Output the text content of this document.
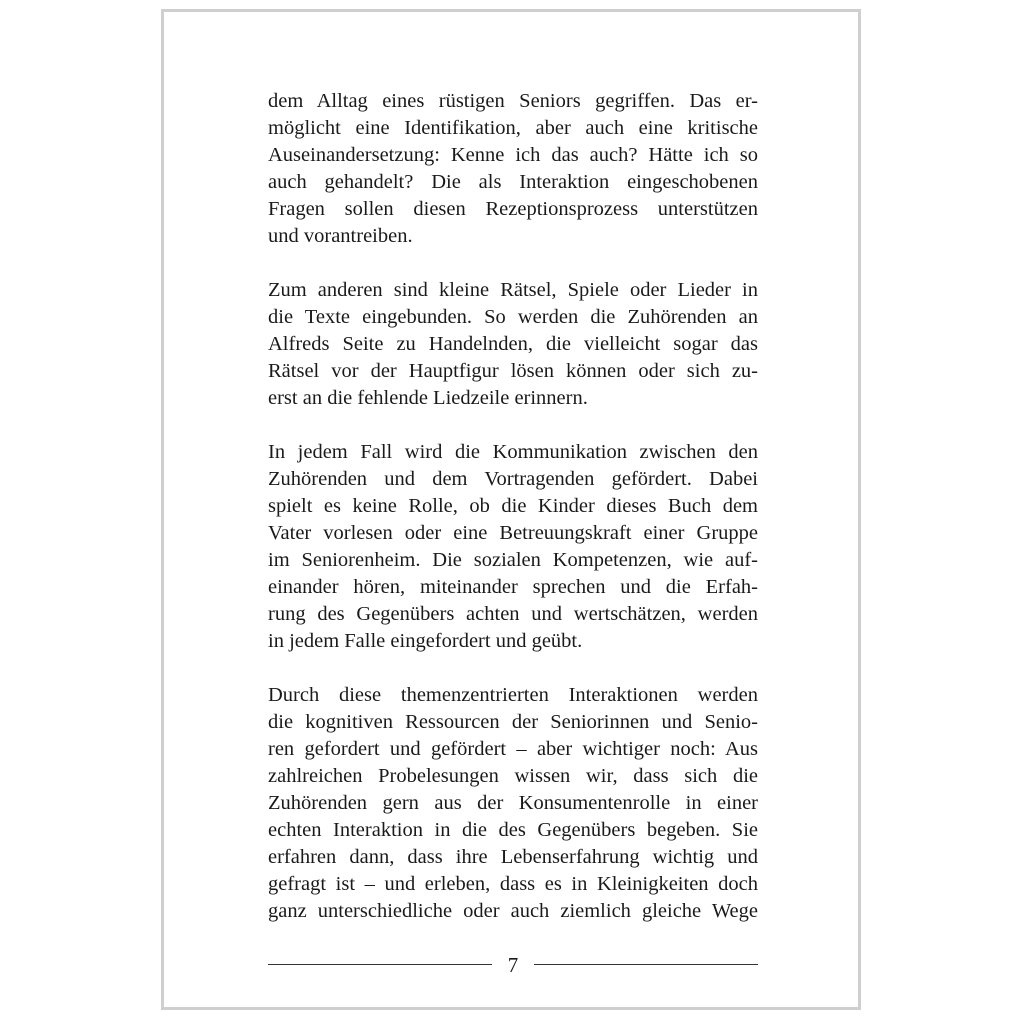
dem Alltag eines rüstigen Seniors gegriffen. Das er-
möglicht eine Identifikation, aber auch eine kritische
Auseinandersetzung: Kenne ich das auch? Hätte ich so
auch gehandelt? Die als Interaktion eingeschobenen
Fragen sollen diesen Rezeptionsprozess unterstützen
und vorantreiben.
Zum anderen sind kleine Rätsel, Spiele oder Lieder in
die Texte eingebunden. So werden die Zuhörenden an
Alfreds Seite zu Handelnden, die vielleicht sogar das
Rätsel vor der Hauptfigur lösen können oder sich zu-
erst an die fehlende Liedzeile erinnern.
In jedem Fall wird die Kommunikation zwischen den
Zuhörenden und dem Vortragenden gefördert. Dabei
spielt es keine Rolle, ob die Kinder dieses Buch dem
Vater vorlesen oder eine Betreuungskraft einer Gruppe
im Seniorenheim. Die sozialen Kompetenzen, wie auf-
einander hören, miteinander sprechen und die Erfah-
rung des Gegenübers achten und wertschätzen, werden
in jedem Falle eingefordert und geübt.
Durch diese themenzentrierten Interaktionen werden
die kognitiven Ressourcen der Seniorinnen und Senio-
ren gefordert und gefördert – aber wichtiger noch: Aus
zahlreichen Probelesungen wissen wir, dass sich die
Zuhörenden gern aus der Konsumentenrolle in einer
echten Interaktion in die des Gegenübers begeben. Sie
erfahren dann, dass ihre Lebenserfahrung wichtig und
gefragt ist – und erleben, dass es in Kleinigkeiten doch
ganz unterschiedliche oder auch ziemlich gleiche Wege
7
